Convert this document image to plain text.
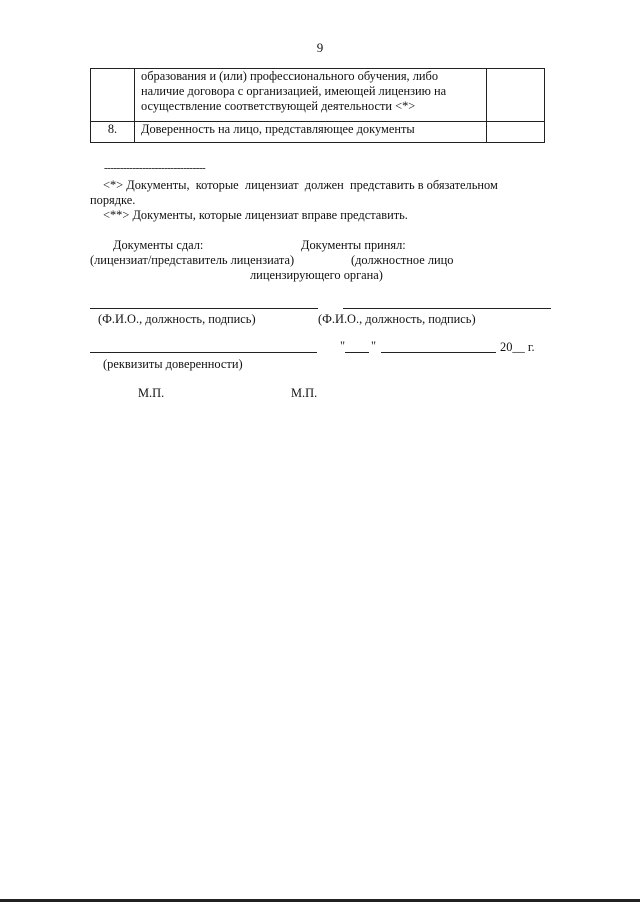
9

	образования и (или) профессионального обучения, либо
наличие договора с организацией, имеющей лицензию на
осуществление соответствующей деятельности <*>	

8.	Доверенность на лицо, представляющее документы	
--------------------------------
<*> Документы,  которые  лицензиат  должен  представить в обязательном
порядке.
<**> Документы, которые лицензиат вправе представить.
Документы сдал:	Документы принял:
(лицензиат/представитель лицензиата)	(должностное лицо
лицензирующего органа)
(Ф.И.О., должность, подпись)	(Ф.И.О., должность, подпись)
" "	20__ г.
(реквизиты доверенности)
М.П.	М.П.
